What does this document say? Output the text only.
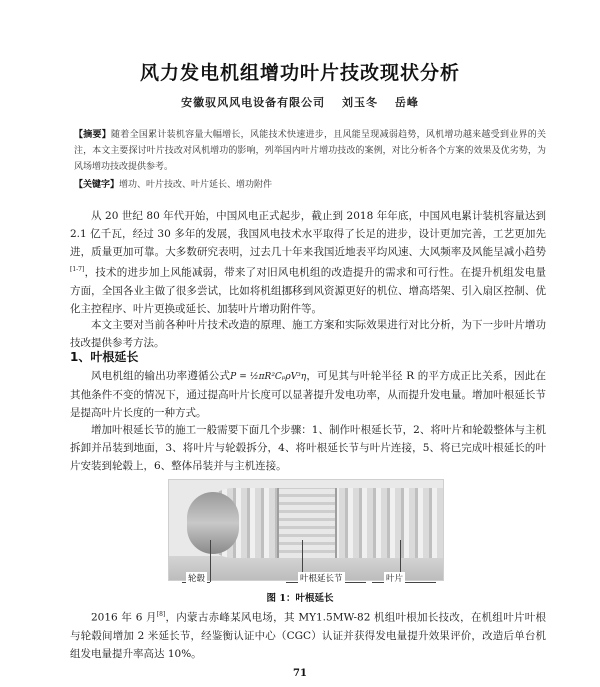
风力发电机组增功叶片技改现状分析
安徽驭风风电设备有限公司 刘玉冬 岳峰
【摘要】随着全国累计装机容量大幅增长，风能技术快速进步，且风能呈现减弱趋势，风机增功越来越受到业界的关注，本文主要探讨叶片技改对风机增功的影响，列举国内叶片增功技改的案例，对比分析各个方案的效果及优劣势，为风场增功技改提供参考。
【关键字】增功、叶片技改、叶片延长、增功附件
从 20 世纪 80 年代开始，中国风电正式起步，截止到 2018 年年底，中国风电累计装机容量达到 2.1 亿千瓦，经过 30 多年的发展，我国风电技术水平取得了长足的进步，设计更加完善，工艺更加先进，质量更加可靠。大多数研究表明，过去几十年来我国近地表平均风速、大风频率及风能呈减小趋势[1-7]，技术的进步加上风能减弱，带来了对旧风电机组的改造提升的需求和可行性。在提升机组发电量方面，全国各业主做了很多尝试，比如将机组挪移到风资源更好的机位、增高塔架、引入扇区控制、优化主控程序、叶片更换或延长、加装叶片增功附件等。
本文主要对当前各种叶片技术改造的原理、施工方案和实际效果进行对比分析，为下一步叶片增功技改提供参考方法。
1、叶根延长
风电机组的输出功率遵循公式P = ½πR²CₚρV³η，可见其与叶轮半径 R 的平方成正比关系，因此在其他条件不变的情况下，通过提高叶片长度可以显著提升发电功率，从而提升发电量。增加叶根延长节是提高叶片长度的一种方式。
增加叶根延长节的施工一般需要下面几个步骤：1、制作叶根延长节，2、将叶片和轮毂整体与主机拆卸并吊装到地面，3、将叶片与轮毂拆分，4、将叶根延长节与叶片连接，5、将已完成叶根延长的叶片安装到轮毂上，6、整体吊装并与主机连接。
轮毂	叶根延长节	叶片
图 1：叶根延长
2016 年 6 月[8]，内蒙古赤峰某风电场，其 MY1.5MW-82 机组叶根加长技改，在机组叶片叶根与轮毂间增加 2 米延长节，经鉴衡认证中心（CGC）认证并获得发电量提升效果评价，改造后单台机组发电量提升率高达 10%。
71
